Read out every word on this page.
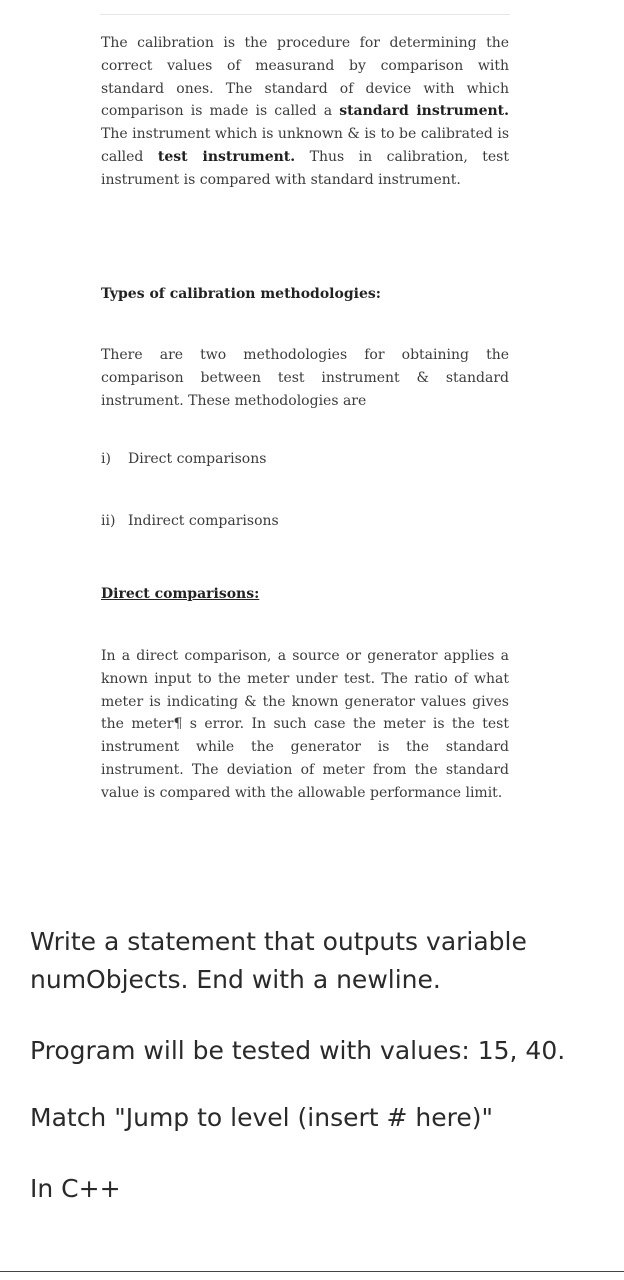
The calibration is the procedure for determining the correct values of measurand by comparison with standard ones. The standard of device with which comparison is made is called a standard instrument. The instrument which is unknown & is to be calibrated is called test instrument. Thus in calibration, test instrument is compared with standard instrument.

Types of calibration methodologies:

There are two methodologies for obtaining the comparison between test instrument & standard instrument. These methodologies are

i) Direct comparisons
ii) Indirect comparisons
Direct comparisons:

In a direct comparison, a source or generator applies a known input to the meter under test. The ratio of what meter is indicating & the known generator values gives the meter¶ s error. In such case the meter is the test instrument while the generator is the standard instrument. The deviation of meter from the standard value is compared with the allowable performance limit.

Write a statement that outputs variable numObjects. End with a newline.
Program will be tested with values: 15, 40.
Match "Jump to level (insert # here)"
In C++
